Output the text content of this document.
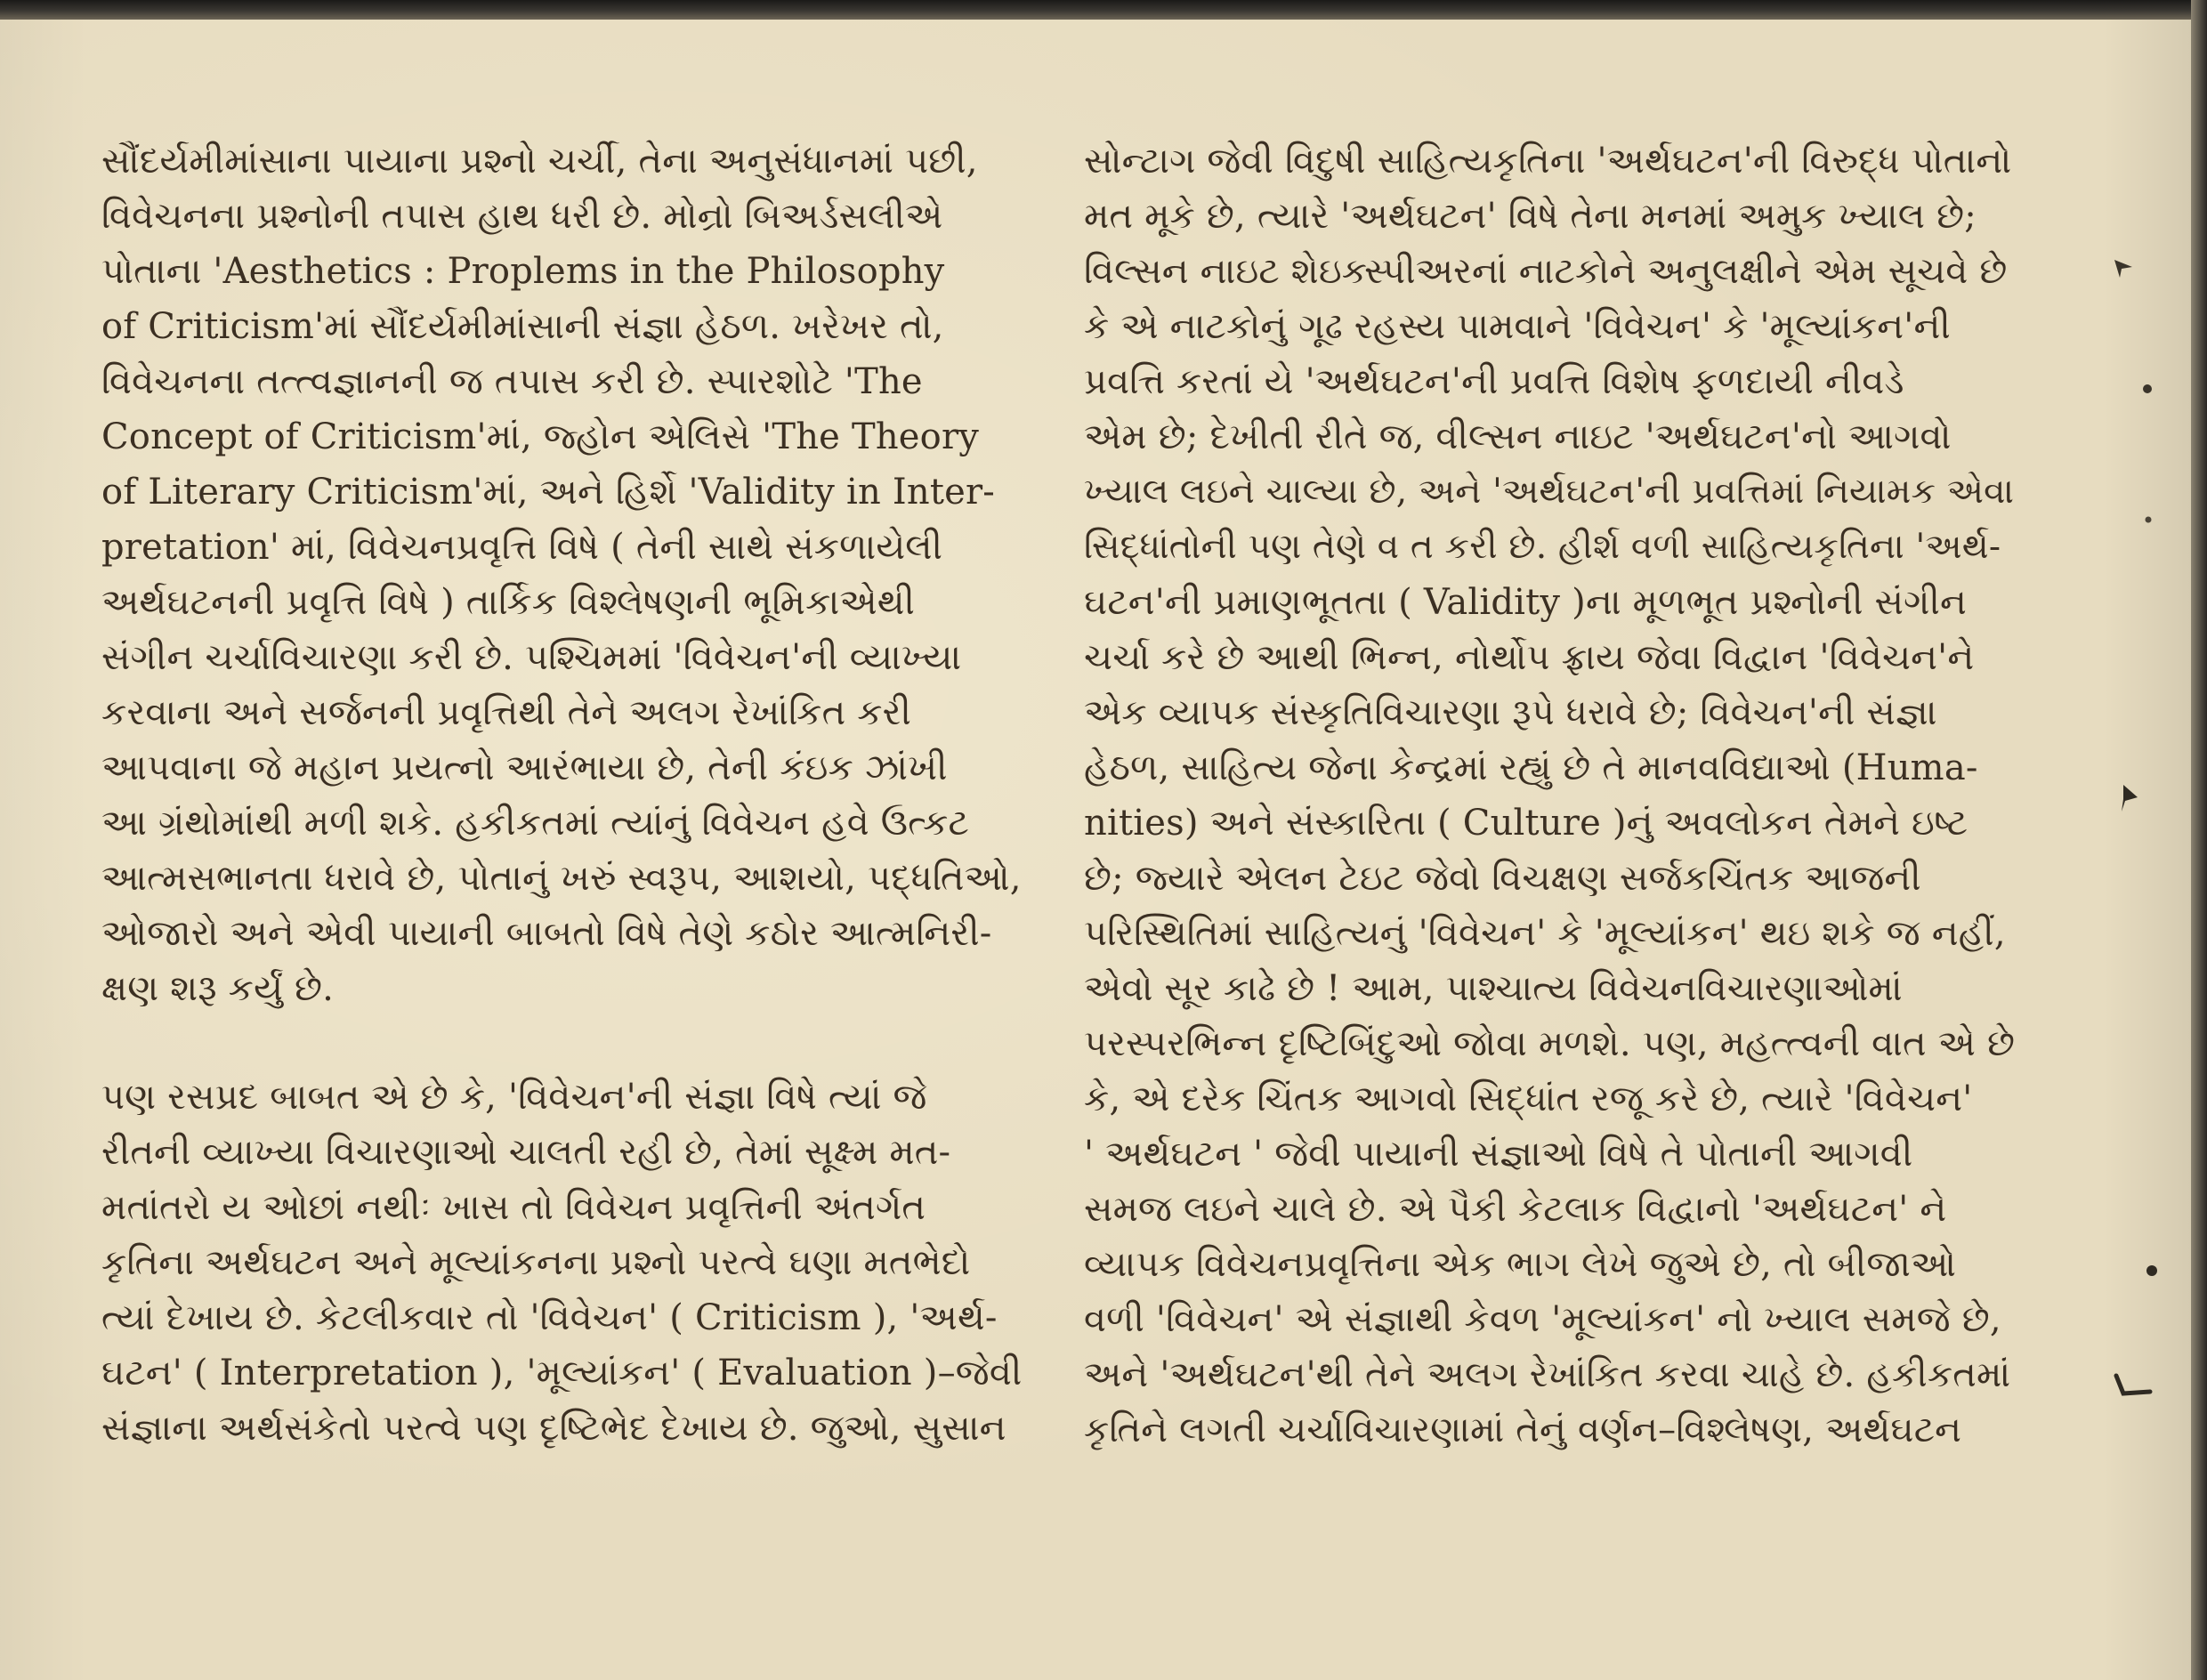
સૌંદર્યમીમાંસાના પાયાના પ્રશ્નો ચર્ચી, તેના અનુસંધાનમાં પછી,
વિવેચનના પ્રશ્નોની તપાસ હાથ ધરી છે. મોન્રો બિઅર્ડસલીએ
પોતાના 'Aesthetics : Proplems in the Philosophy
of Criticism'માં સૌંદર્યમીમાંસાની સંજ્ઞા હેઠળ. ખરેખર તો,
વિવેચનના તત્ત્વજ્ઞાનની જ તપાસ કરી છે. સ્પારશોટે 'The
Concept of Criticism'માં, જ્હોન એલિસે 'The Theory
of Literary Criticism'માં, અને હિર્શે 'Validity in Inter-
pretation' માં, વિવેચનપ્રવૃત્તિ વિષે ( તેની સાથે સંકળાયેલી
અર્થઘટનની પ્રવૃત્તિ વિષે ) તાર્કિક વિશ્લેષણની ભૂમિકાએથી
સંગીન ચર્ચાવિચારણા કરી છે. પશ્ચિમમાં 'વિવેચન'ની વ્યાખ્યા
કરવાના અને સર્જનની પ્રવૃત્તિથી તેને અલગ રેખાંકિત કરી
આપવાના જે મહાન પ્રયત્નો આરંભાયા છે, તેની કંઇક ઝાંખી
આ ગ્રંથોમાંથી મળી શકે. હકીકતમાં ત્યાંનું વિવેચન હવે ઉત્કટ
આત્મસભાનતા ધરાવે છે, પોતાનું ખરું સ્વરૂપ, આશયો, પદ્ધતિઓ,
ઓજારો અને એવી પાયાની બાબતો વિષે તેણે કઠોર આત્મનિરી-
ક્ષણ શરૂ કર્યું છે.
પણ રસપ્રદ બાબત એ છે કે, 'વિવેચન'ની સંજ્ઞા વિષે ત્યાં જે
રીતની વ્યાખ્યા વિચારણાઓ ચાલતી રહી છે, તેમાં સૂક્ષ્મ મત-
મતાંતરો ય ઓછાં નથીઃ ખાસ તો વિવેચન પ્રવૃત્તિની અંતર્ગત
કૃતિના અર્થઘટન અને મૂલ્યાંકનના પ્રશ્નો પરત્વે ઘણા મતભેદો
ત્યાં દેખાય છે. કેટલીકવાર તો 'વિવેચન' ( Criticism ), 'અર્થ-
ઘટન' ( Interpretation ), 'મૂલ્યાંકન' ( Evaluation )–જેવી
સંજ્ઞાના અર્થસંકેતો પરત્વે પણ દૃષ્ટિભેદ દેખાય છે. જુઓ, સુસાન
સોન્ટાગ જેવી વિદુષી સાહિત્યકૃતિના 'અર્થઘટન'ની વિરુદ્ધ પોતાનો
મત મૂકે છે, ત્યારે 'અર્થઘટન' વિષે તેના મનમાં અમુક ખ્યાલ છે;
વિલ્સન નાઇટ શેઇક્સ્પીઅરનાં નાટકોને અનુલક્ષીને એમ સૂચવે છે
કે એ નાટકોનું ગૂઢ રહસ્ય પામવાને 'વિવેચન' કે 'મૂલ્યાંકન'ની
પ્રવત્તિ કરતાં યે 'અર્થઘટન'ની પ્રવત્તિ વિશેષ ફળદાયી નીવડે
એમ છે; દેખીતી રીતે જ, વીલ્સન નાઇટ 'અર્થઘટન'નો આગવો
ખ્યાલ લઇને ચાલ્યા છે, અને 'અર્થઘટન'ની પ્રવત્તિમાં નિયામક એવા
સિદ્ધાંતોની પણ તેણે વ ત કરી છે. હીર્શ વળી સાહિત્યકૃતિના 'અર્થ-
ઘટન'ની પ્રમાણભૂતતા ( Validity )ના મૂળભૂત પ્રશ્નોની સંગીન
ચર્ચા કરે છે આથી ભિન્ન, નોર્થોપ ફ્રાય જેવા વિદ્વાન 'વિવેચન'ને
એક વ્યાપક સંસ્કૃતિવિચારણા રૂપે ધરાવે છે; વિવેચન'ની સંજ્ઞા
હેઠળ, સાહિત્ય જેના કેન્દ્રમાં રહ્યું છે તે માનવવિદ્યાઓ (Huma-
nities) અને સંસ્કારિતા ( Culture )નું અવલોકન તેમને ઇષ્ટ
છે; જ્યારે એલન ટેઇટ જેવો વિચક્ષણ સર્જકચિંતક આજની
પરિસ્થિતિમાં સાહિત્યનું 'વિવેચન' કે 'મૂલ્યાંકન' થઇ શકે જ નહીં,
એવો સૂર કાઢે છે ! આમ, પાશ્ચાત્ય વિવેચનવિચારણાઓમાં
પરસ્પરભિન્ન દૃષ્ટિબિંદુઓ જોવા મળશે. પણ, મહત્ત્વની વાત એ છે
કે, એ દરેક ચિંતક આગવો સિદ્ધાંત રજૂ કરે છે, ત્યારે 'વિવેચન'
' અર્થઘટન ' જેવી પાયાની સંજ્ઞાઓ વિષે તે પોતાની આગવી
સમજ લઇને ચાલે છે. એ પૈકી કેટલાક વિદ્વાનો 'અર્થઘટન' ને
વ્યાપક વિવેચનપ્રવૃત્તિના એક ભાગ લેખે જુએ છે, તો બીજાઓ
વળી 'વિવેચન' એ સંજ્ઞાથી કેવળ 'મૂલ્યાંકન' નો ખ્યાલ સમજે છે,
અને 'અર્થઘટન'થી તેને અલગ રેખાંકિત કરવા ચાહે છે. હકીકતમાં
કૃતિને લગતી ચર્ચાવિચારણામાં તેનું વર્ણન–વિશ્લેષણ, અર્થઘટન
